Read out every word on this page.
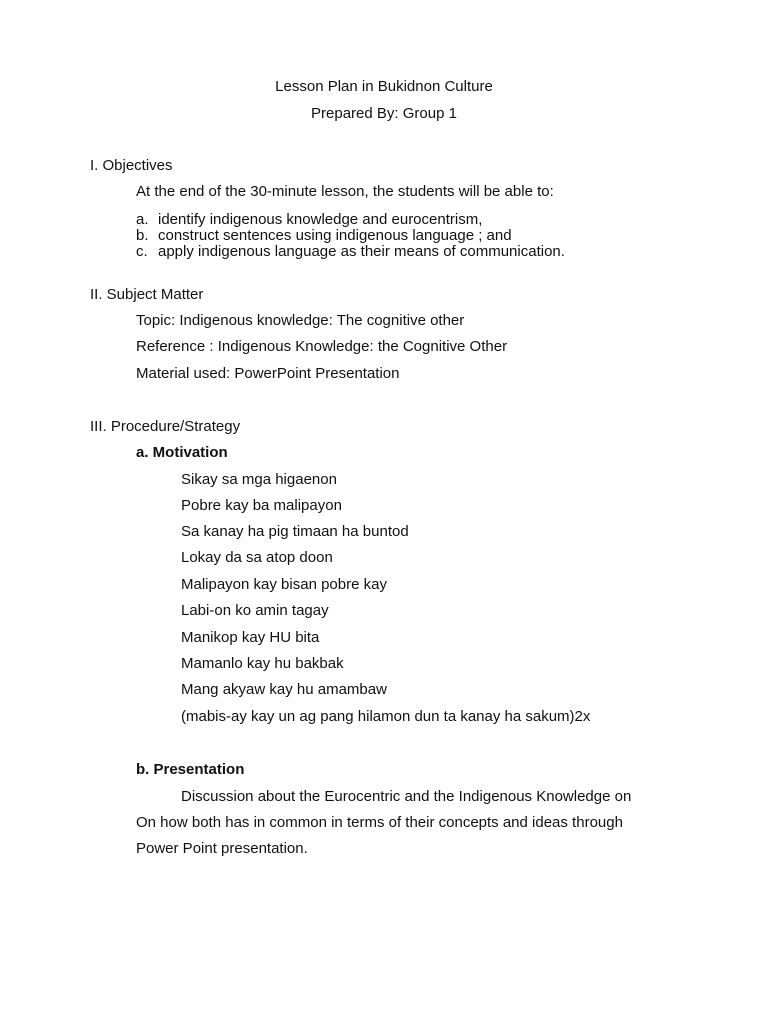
Lesson Plan in Bukidnon Culture
Prepared By: Group 1
I. Objectives
At the end of the 30-minute lesson, the students will be able to:
a. identify indigenous knowledge and eurocentrism,
b. construct sentences using indigenous language ; and
c. apply indigenous language as their means of communication.
II. Subject Matter
Topic: Indigenous knowledge: The cognitive other
Reference : Indigenous Knowledge: the Cognitive Other
Material used: PowerPoint Presentation
III. Procedure/Strategy
a. Motivation
Sikay sa mga higaenon
Pobre kay ba malipayon
Sa kanay ha pig timaan ha buntod
Lokay da sa atop doon
Malipayon kay bisan pobre kay
Labi-on ko amin tagay
Manikop kay HU bita
Mamanlo kay hu bakbak
Mang akyaw kay hu amambaw
(mabis-ay kay un ag pang hilamon dun ta kanay ha sakum)2x
b. Presentation
Discussion about the Eurocentric and the Indigenous Knowledge on
On how both has in common in terms of their concepts and ideas through
Power Point presentation.
